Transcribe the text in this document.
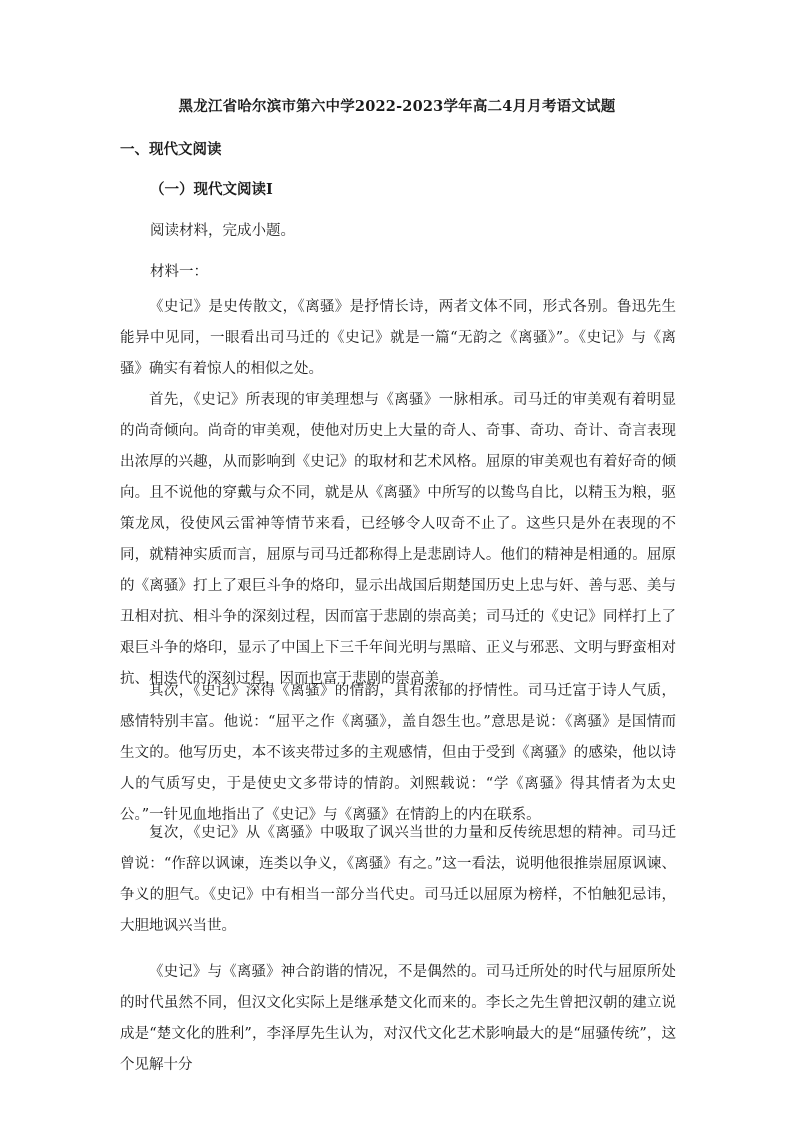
黑龙江省哈尔滨市第六中学2022-2023学年高二4月月考语文试题
一、现代文阅读
（一）现代文阅读Ⅰ
阅读材料，完成小题。
材料一：

《史记》是史传散文，《离骚》是抒情长诗，两者文体不同，形式各别。鲁迅先生能异中见同，一眼看出司马迁的《史记》就是一篇“无韵之《离骚》”。《史记》与《离骚》确实有着惊人的相似之处。

首先，《史记》所表现的审美理想与《离骚》一脉相承。司马迁的审美观有着明显的尚奇倾向。尚奇的审美观，使他对历史上大量的奇人、奇事、奇功、奇计、奇言表现出浓厚的兴趣，从而影响到《史记》的取材和艺术风格。屈原的审美观也有着好奇的倾向。且不说他的穿戴与众不同，就是从《离骚》中所写的以鸷鸟自比，以精玉为粮，驱策龙凤，役使风云雷神等情节来看，已经够令人叹奇不止了。这些只是外在表现的不同，就精神实质而言，屈原与司马迁都称得上是悲剧诗人。他们的精神是相通的。屈原的《离骚》打上了艰巨斗争的烙印，显示出战国后期楚国历史上忠与奸、善与恶、美与丑相对抗、相斗争的深刻过程，因而富于悲剧的崇高美；司马迁的《史记》同样打上了艰巨斗争的烙印，显示了中国上下三千年间光明与黑暗、正义与邪恶、文明与野蛮相对抗、相迭代的深刻过程，因而也富于悲剧的崇高美。

其次，《史记》深得《离骚》的情韵，具有浓郁的抒情性。司马迁富于诗人气质，感情特别丰富。他说：“屈平之作《离骚》，盖自怨生也。”意思是说：《离骚》是国情而生文的。他写历史，本不该夹带过多的主观感情，但由于受到《离骚》的感染，他以诗人的气质写史，于是使史文多带诗的情韵。刘熙载说：“学《离骚》得其情者为太史公。”一针见血地指出了《史记》与《离骚》在情韵上的内在联系。

复次，《史记》从《离骚》中吸取了讽兴当世的力量和反传统思想的精神。司马迁曾说：“作辞以讽谏，连类以争义，《离骚》有之。”这一看法，说明他很推崇屈原讽谏、争义的胆气。《史记》中有相当一部分当代史。司马迁以屈原为榜样，不怕触犯忌讳，大胆地讽兴当世。

《史记》与《离骚》神合韵谐的情况，不是偶然的。司马迁所处的时代与屈原所处的时代虽然不同，但汉文化实际上是继承楚文化而来的。李长之先生曾把汉朝的建立说成是“楚文化的胜利”，李泽厚先生认为，对汉代文化艺术影响最大的是“屈骚传统”，这个见解十分
